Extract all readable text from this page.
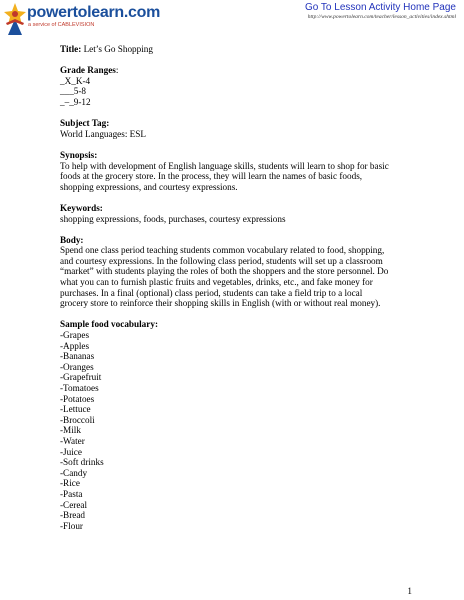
powertolearn.com
a service of CABLEVISION
Go To Lesson Activity Home Page
http://www.powertolearn.com/teacher/lesson_activities/index.shtml
Title: Let’s Go Shopping
Grade Ranges:
_X_K-4
___5-8
_–_9-12
Subject Tag:
World Languages: ESL
Synopsis:
To help with development of English language skills, students will learn to shop for basic
foods at the grocery store. In the process, they will learn the names of basic foods,
shopping expressions, and courtesy expressions.
Keywords:
shopping expressions, foods, purchases, courtesy expressions
Body:
Spend one class period teaching students common vocabulary related to food, shopping,
and courtesy expressions. In the following class period, students will set up a classroom
“market” with students playing the roles of both the shoppers and the store personnel. Do
what you can to furnish plastic fruits and vegetables, drinks, etc., and fake money for
purchases. In a final (optional) class period, students can take a field trip to a local
grocery store to reinforce their shopping skills in English (with or without real money).
Sample food vocabulary:
-Grapes
-Apples
-Bananas
-Oranges
-Grapefruit
-Tomatoes
-Potatoes
-Lettuce
-Broccoli
-Milk
-Water
-Juice
-Soft drinks
-Candy
-Rice
-Pasta
-Cereal
-Bread
-Flour
1
